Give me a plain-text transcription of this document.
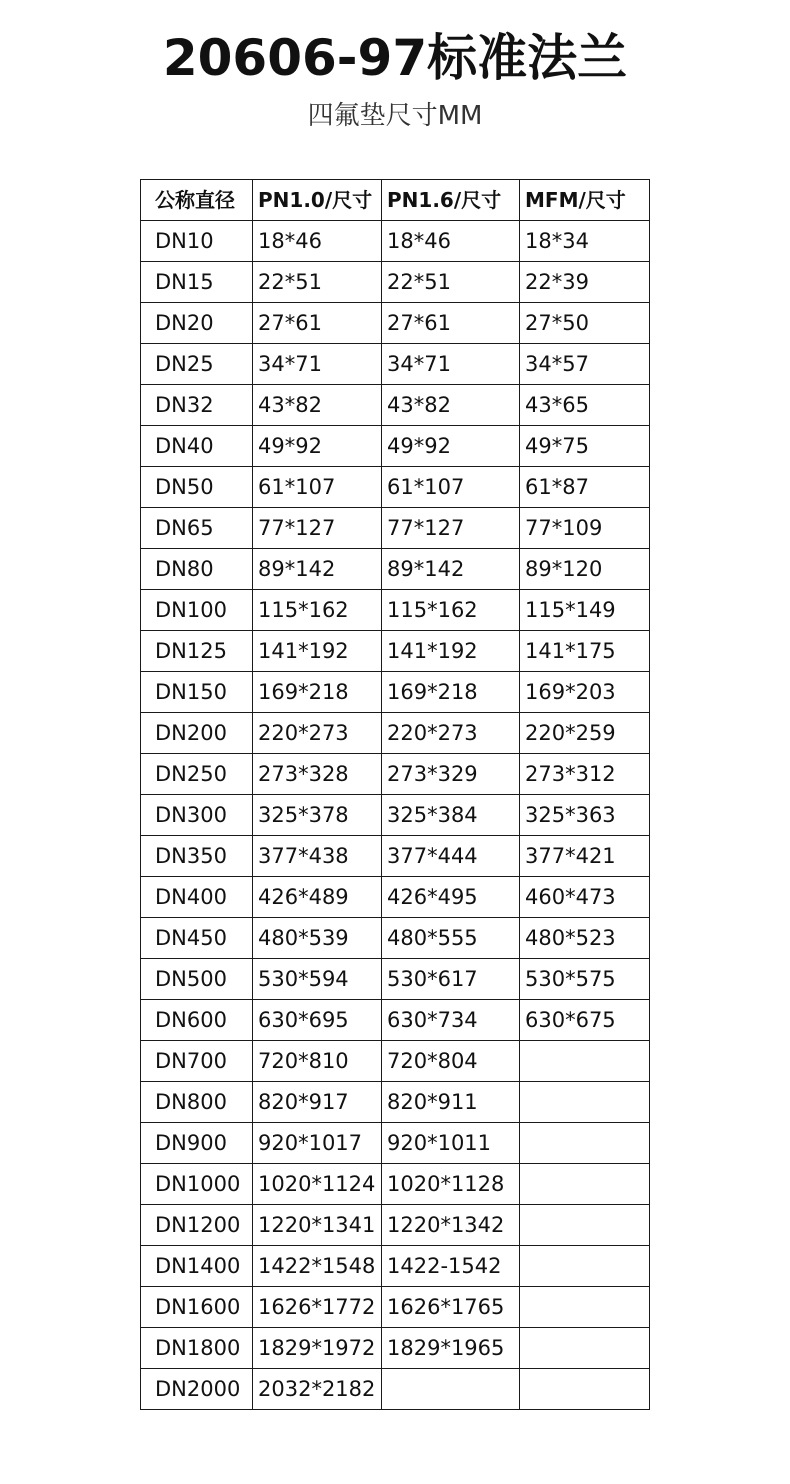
20606-97标准法兰
四氟垫尺寸MM
公称直径	PN1.0/尺寸	PN1.6/尺寸	MFM/尺寸
DN10	18*46	18*46	18*34
DN15	22*51	22*51	22*39
DN20	27*61	27*61	27*50
DN25	34*71	34*71	34*57
DN32	43*82	43*82	43*65
DN40	49*92	49*92	49*75
DN50	61*107	61*107	61*87
DN65	77*127	77*127	77*109
DN80	89*142	89*142	89*120
DN100	115*162	115*162	115*149
DN125	141*192	141*192	141*175
DN150	169*218	169*218	169*203
DN200	220*273	220*273	220*259
DN250	273*328	273*329	273*312
DN300	325*378	325*384	325*363
DN350	377*438	377*444	377*421
DN400	426*489	426*495	460*473
DN450	480*539	480*555	480*523
DN500	530*594	530*617	530*575
DN600	630*695	630*734	630*675
DN700	720*810	720*804	
DN800	820*917	820*911	
DN900	920*1017	920*1011	
DN1000	1020*1124	1020*1128	
DN1200	1220*1341	1220*1342	
DN1400	1422*1548	1422-1542	
DN1600	1626*1772	1626*1765	
DN1800	1829*1972	1829*1965	
DN2000	2032*2182		
